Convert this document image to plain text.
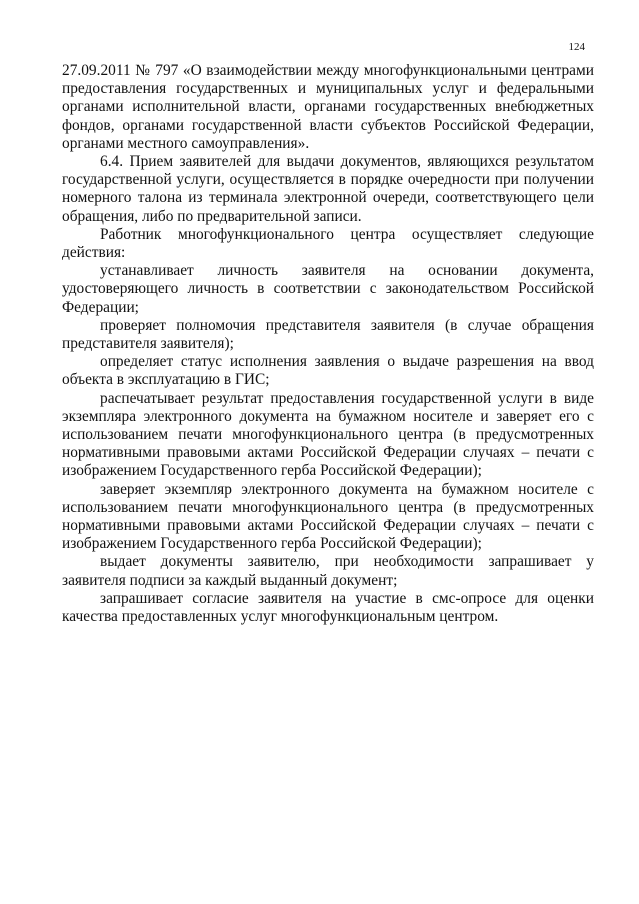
124

27.09.2011 № 797 «О взаимодействии между многофункциональными центрами предоставления государственных и муниципальных услуг и федеральными органами исполнительной власти, органами государственных внебюджетных фондов, органами государственной власти субъектов Российской Федерации, органами местного самоуправления».

6.4. Прием заявителей для выдачи документов, являющихся результатом государственной услуги, осуществляется в порядке очередности при получении номерного талона из терминала электронной очереди, соответствующего цели обращения, либо по предварительной записи.

Работник многофункционального центра осуществляет следующие действия:

устанавливает личность заявителя на основании документа, удостоверяющего личность в соответствии с законодательством Российской Федерации;

проверяет полномочия представителя заявителя (в случае обращения представителя заявителя);

определяет статус исполнения заявления о выдаче разрешения на ввод объекта в эксплуатацию в ГИС;

распечатывает результат предоставления государственной услуги в виде экземпляра электронного документа на бумажном носителе и заверяет его с использованием печати многофункционального центра (в предусмотренных нормативными правовыми актами Российской Федерации случаях – печати с изображением Государственного герба Российской Федерации);

заверяет экземпляр электронного документа на бумажном носителе с использованием печати многофункционального центра (в предусмотренных нормативными правовыми актами Российской Федерации случаях – печати с изображением Государственного герба Российской Федерации);

выдает документы заявителю, при необходимости запрашивает у заявителя подписи за каждый выданный документ;

запрашивает согласие заявителя на участие в смс-опросе для оценки качества предоставленных услуг многофункциональным центром.
